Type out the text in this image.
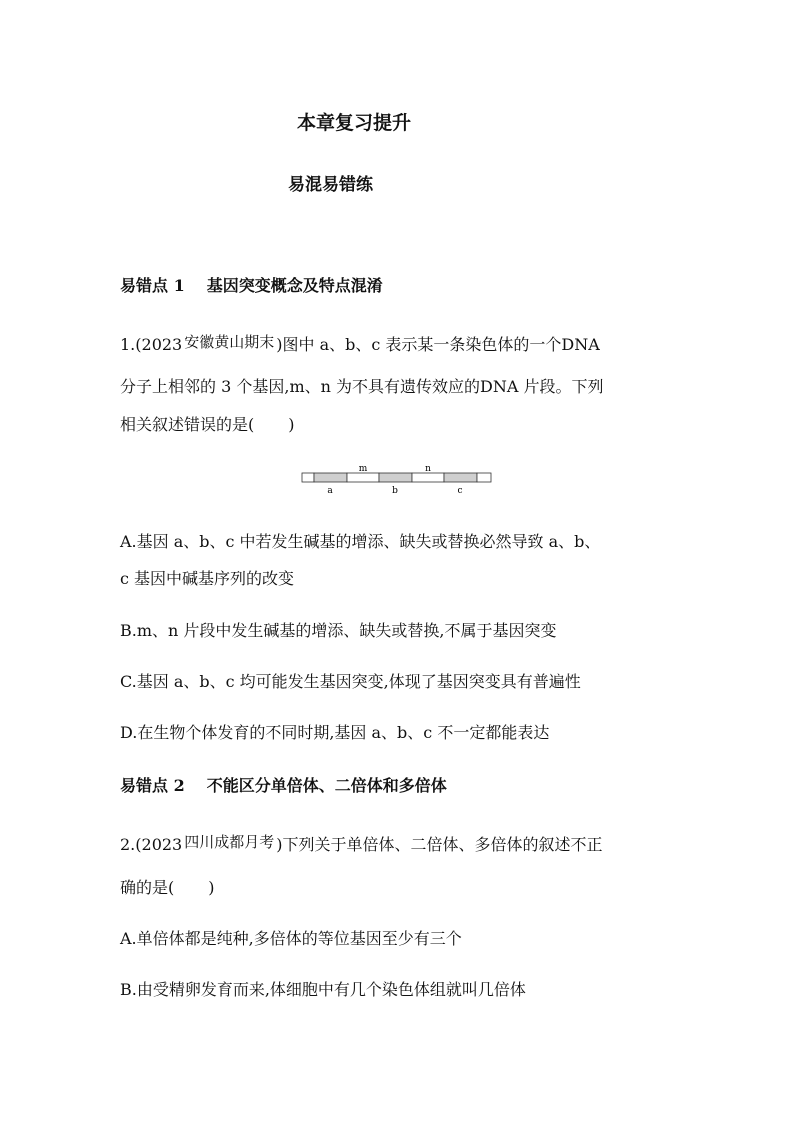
本章复习提升
易混易错练
易错点 1 基因突变概念及特点混淆
1.(2023 安徽黄山期末 )图中 a、b、c 表示某一条染色体的一个DNA
分子上相邻的 3 个基因,m、n 为不具有遗传效应的DNA 片段。下列
相关叙述错误的是( )
m	n
a	b	c
A.基因 a、b、c 中若发生碱基的增添、缺失或替换必然导致 a、b、
c 基因中碱基序列的改变
B.m、n 片段中发生碱基的增添、缺失或替换,不属于基因突变
C.基因 a、b、c 均可能发生基因突变,体现了基因突变具有普遍性
D.在生物个体发育的不同时期,基因 a、b、c 不一定都能表达
易错点 2 不能区分单倍体、二倍体和多倍体
2.(2023 四川成都月考 )下列关于单倍体、二倍体、多倍体的叙述不正
确的是( )
A.单倍体都是纯种,多倍体的等位基因至少有三个
B.由受精卵发育而来,体细胞中有几个染色体组就叫几倍体
